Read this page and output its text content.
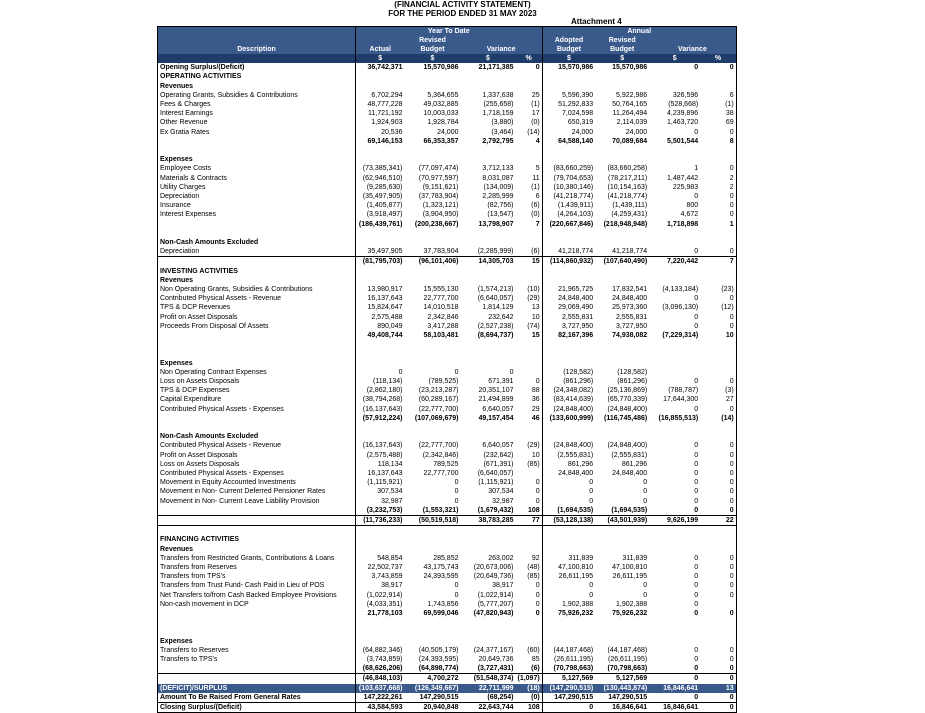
(FINANCIAL ACTIVITY STATEMENT)
FOR THE PERIOD ENDED 31 MAY 2023
Attachment 4
	Year To Date				Annual			
		Revised			Adopted	Revised		
Description	Actual	Budget	Variance		Budget	Budget	Variance	
	$	$	$	%	$	$	$	%
Opening Surplus/(Deficit)	36,742,371	15,570,986	21,171,385	0	15,570,986	15,570,986	0	0
OPERATING ACTIVITIES								
Revenues								
Operating Grants, Subsidies & Contributions	6,702,294	5,364,655	1,337,638	25	5,596,390	5,922,986	326,596	6
Fees & Charges	48,777,228	49,032,885	(255,658)	(1)	51,292,833	50,764,165	(528,668)	(1)
Interest Earnings	11,721,192	10,003,033	1,718,159	17	7,024,598	11,264,494	4,239,896	38
Other Revenue	1,924,903	1,928,784	(3,880)	(0)	650,319	2,114,039	1,463,720	69
Ex Gratia Rates	20,536	24,000	(3,464)	(14)	24,000	24,000	0	0
	69,146,153	66,353,357	2,792,795	4	64,588,140	70,089,684	5,501,544	8

Expenses								
Employee Costs	(73,385,341)	(77,097,474)	3,712,133	5	(83,660,259)	(83,660,258)	1	0
Materials & Contracts	(62,946,510)	(70,977,597)	8,031,087	11	(79,704,653)	(78,217,211)	1,487,442	2
Utility Charges	(9,285,630)	(9,151,621)	(134,009)	(1)	(10,380,146)	(10,154,163)	225,983	2
Depreciation	(35,497,905)	(37,783,904)	2,285,999	6	(41,218,774)	(41,218,774)	0	0
Insurance	(1,405,877)	(1,323,121)	(82,756)	(6)	(1,439,911)	(1,439,111)	800	0
Interest Expenses	(3,918,497)	(3,904,950)	(13,547)	(0)	(4,264,103)	(4,259,431)	4,672	0
	(186,439,761)	(200,238,667)	13,798,907	7	(220,667,846)	(218,948,948)	1,718,898	1

Non-Cash Amounts Excluded								
Depreciation	35,497,905	37,783,904	(2,285,999)	(6)	41,218,774	41,218,774	0	0
	(81,795,703)	(96,101,406)	14,305,703	15	(114,860,932)	(107,640,490)	7,220,442	7
INVESTING ACTIVITIES								
Revenues								
Non Operating Grants, Subsidies & Contributions	13,980,917	15,555,130	(1,574,213)	(10)	21,965,725	17,832,541	(4,133,184)	(23)
Contributed Physical Assets - Revenue	16,137,643	22,777,700	(6,640,057)	(29)	24,848,400	24,848,400	0	0
TPS & DCP Revenues	15,824,647	14,010,518	1,814,129	13	29,069,490	25,973,360	(3,096,130)	(12)
Profit on Asset Disposals	2,575,488	2,342,846	232,642	10	2,555,831	2,555,831	0	0
Proceeds From Disposal Of Assets	890,049	3,417,288	(2,527,238)	(74)	3,727,950	3,727,950	0	0
	49,408,744	58,103,481	(8,694,737)	15	82,167,396	74,938,082	(7,229,314)	10

Expenses								
Non Operating Contract Expenses	0	0	0		(128,582)	(128,582)		
Loss on Assets Disposals	(118,134)	(789,525)	671,391	0	(861,296)	(861,296)	0	0
TPS & DCP Expenses	(2,862,180)	(23,213,287)	20,351,107	88	(24,348,082)	(25,136,869)	(788,787)	(3)
Capital Expenditure	(38,794,268)	(60,289,167)	21,494,899	36	(83,414,639)	(65,770,339)	17,644,300	27
Contributed Physical Assets - Expenses	(16,137,643)	(22,777,700)	6,640,057	29	(24,848,400)	(24,848,400)	0	0
	(57,912,224)	(107,069,679)	49,157,454	46	(133,600,999)	(116,745,486)	(16,855,513)	(14)

Non-Cash Amounts Excluded								
Contributed Physical Assets - Revenue	(16,137,643)	(22,777,700)	6,640,057	(29)	(24,848,400)	(24,848,400)	0	0
Profit on Asset Disposals	(2,575,488)	(2,342,846)	(232,642)	10	(2,555,831)	(2,555,831)	0	0
Loss on Assets Disposals	118,134	789,525	(671,391)	(85)	861,296	861,296	0	0
Contributed Physical Assets - Expenses	16,137,643	22,777,700	(6,640,057)		24,848,400	24,848,400	0	0
Movement in Equity Accounted Investments	(1,115,921)	0	(1,115,921)	0	0	0	0	0
Movement in Non- Current Deferred Pensioner Rates	307,534	0	307,534	0	0	0	0	0
Movement in Non- Current Leave Liability Provision	32,987	0	32,987	0	0	0	0	0
	(3,232,753)	(1,553,321)	(1,679,432)	108	(1,694,535)	(1,694,535)	0	0
	(11,736,233)	(50,519,518)	38,783,285	77	(53,128,138)	(43,501,939)	9,626,199	22

FINANCING ACTIVITIES								
Revenues								
Transfers from Restricted Grants, Contributions & Loans	548,854	285,852	263,002	92	311,839	311,839	0	0
Transfers from Reserves	22,502,737	43,175,743	(20,673,006)	(48)	47,100,810	47,100,810	0	0
Transfers from TPS's	3,743,859	24,393,595	(20,649,736)	(85)	26,611,195	26,611,195	0	0
Transfers from Trust Fund- Cash Paid in Lieu of POS	38,917	0	38,917	0	0	0	0	0
Net Transfers to/from Cash Backed Employee Provisions	(1,022,914)	0	(1,022,914)	0	0	0	0	0
Non-cash movement in DCP	(4,033,351)	1,743,856	(5,777,207)	0	1,902,388	1,902,388	0	
	21,778,103	69,599,046	(47,820,943)	0	75,926,232	75,926,232	0	0

Expenses								
Transfers to Reserves	(64,882,346)	(40,505,179)	(24,377,167)	(60)	(44,187,468)	(44,187,468)	0	0
Transfers to TPS's	(3,743,859)	(24,393,595)	20,649,736	85	(26,611,195)	(26,611,195)	0	0
	(68,626,206)	(64,898,774)	(3,727,431)	(6)	(70,798,663)	(70,798,663)	0	0
	(46,848,103)	4,700,272	(51,548,374)	(1,097)	5,127,569	5,127,569	0	0
(DEFICIT)/SURPLUS	(103,637,668)	(126,349,667)	22,711,999	(18)	(147,290,515)	(130,443,874)	16,846,641	13
Amount To Be Raised From General Rates	147,222,261	147,290,515	(68,254)	(0)	147,290,515	147,290,515	0	0
Closing Surplus/(Deficit)	43,584,593	20,940,848	22,643,744	108	0	16,846,641	16,846,641	0
